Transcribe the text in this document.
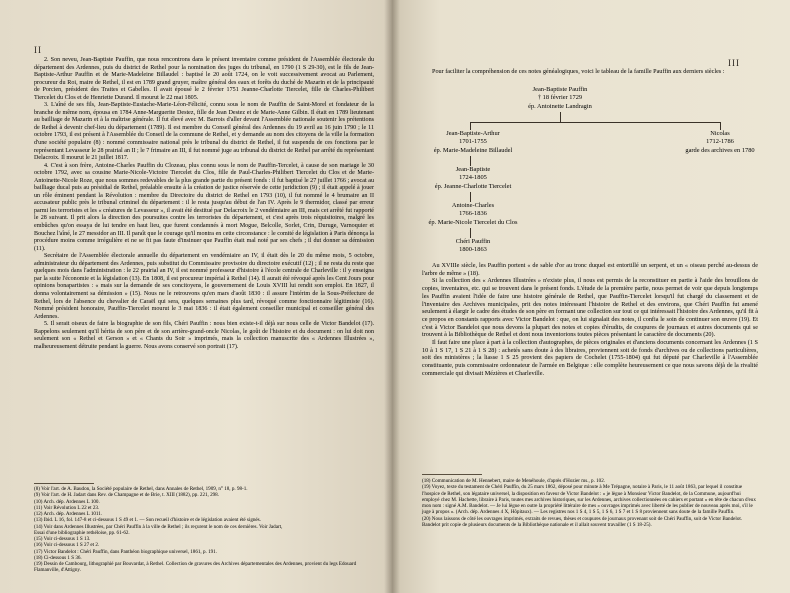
II
III

2. Son neveu, Jean-Baptiste Pauffin, que nous rencontrons dans le présent inventaire comme président de l'Assemblée électorale du département des Ardennes, puis du district de Rethel pour la nomination des juges du tribunal, en 1790 (1 S 29-30), est le fils de Jean-Baptiste-Arthur Pauffin et de Marie-Madeleine Billaudel : baptisé le 20 août 1724, on le voit successivement avocat au Parlement, procureur du Roi, maire de Rethel, il est en 1789 grand gruyer, maître général des eaux et forêts du duché de Mazarin et de la principauté de Porcien, président des Traites et Gabelles. Il avait épousé le 2 février 1751 Jeanne-Charlotte Tiercelet, fille de Charles-Philibert Tiercelet du Clos et de Henriette Durand. Il mourut le 22 mai 1805.

3. L'aîné de ses fils, Jean-Baptiste-Eustache-Marie-Léon-Félicité, connu sous le nom de Pauffin de Saint-Morel et fondateur de la branche de même nom, épousa en 1784 Anne-Marguerite Destez, fille de Jean Destez et de Marie-Anne Gilbin. Il était en 1789 lieutenant au bailliage de Mazarin et à la maîtrise générale. Il fut élevé avec M. Barrois d'aller devant l'Assemblée nationale soutenir les prétentions de Rethel à devenir chef-lieu du département (1789). Il est membre du Conseil général des Ardennes du 19 avril au 16 juin 1790 ; le 11 octobre 1793, il est présent à l'Assemblée du Conseil de la commune de Rethel, et y demande au nom des citoyens de la ville la formation d'une société populaire (8) : nommé commissaire national près le tribunal du district de Rethel, il fut suspendu de ces fonctions par le représentant Levasseur le 28 prairial an II ; le 7 frimaire an III, il fut nommé juge au tribunal du district de Rethel par arrêté du représentant Delacroix. Il mourut le 21 juillet 1817.

4. C'est à son frère, Antoine-Charles Pauffin du Clozeau, plus connu sous le nom de Pauffin-Tercelet, à cause de son mariage le 30 octobre 1792, avec sa cousine Marie-Nicole-Victoire Tiercelet du Clos, fille de Paul-Charles-Philibert Tiercelet du Clos et de Marie-Antoinette-Nicole Roze, que nous sommes redevables de la plus grande partie du présent fonds : il fut baptisé le 27 juillet 1766 ; avocat au bailliage ducal puis au présidial de Rethel, préalable ensuite à la création de justice réservée de cette juridiction (9) ; il était appelé à jouer un rôle éminent pendant la Révolution : membre du Directoire du district de Rethel en 1793 (10), il fut nommé le 4 brumaire an II accusateur public près le tribunal criminel du département : il le resta jusqu'au début de l'an IV. Après le 9 thermidor, classé par erreur parmi les terroristes et les « créatures de Levasseur », il avait été destitué par Delacroix le 2 vendémiaire an III, mais cet arrêté fut rapporté le 28 suivant. Il prit alors la direction des poursuites contre les terroristes du département, et c'est après trois réquisitoires, malgré les embûches qu'on essaya de lui tendre en haut lieu, que furent condamnés à mort Mogue, Belcolle, Sorlet, Crin, Duruge, Varnoquier et Bouchez l'aîné, le 27 messidor an III. Il paraît que le courage qu'il montra en cette circonstance : le comité de législation à Paris dénonça la procédure moins comme irrégulière et ne se fit pas faute d'insinuer que Pauffin était mal noté par ses chefs ; il dut donner sa démission (11).

Secrétaire de l'Assemblée électorale annuelle du département en vendémiaire an IV, il était dès le 20 du même mois, 5 octobre, administrateur du département des Ardennes, puis substitut du Commissaire provisoire du directoire exécutif (12) ; il ne resta du reste que quelques mois dans l'administration : le 22 prairial an IV, il est nommé professeur d'histoire à l'école centrale de Charleville : il y enseigna par la suite l'économie et la législation (13). En 1808, il est procureur impérial à Rethel (14). Il aurait été révoqué après les Cent Jours pour opinions bonapartistes : « mais sur la demande de ses concitoyens, le gouvernement de Louis XVIII lui rendit son emploi. En 1827, il donna volontairement sa démission » (15). Nous ne le retrouvons qu'en mars d'août 1830 : il assure l'intérim de la Sous-Préfecture de Rethel, lors de l'absence du chevalier de Caraël qui sera, quelques semaines plus tard, révoqué comme fonctionnaire légitimiste (16). Nommé président honoraire, Pauffin-Tiercelet mourut le 3 mai 1836 : il était également conseiller municipal et conseiller général des Ardennes.

5. Il serait oiseux de faire la biographie de son fils, Chéri Pauffin : nous bien existe-t-il déjà sur nous celle de Victor Bandelot (17). Rappelons seulement qu'il hérita de son père et de son arrière-grand-oncle Nicolas, le goût de l'histoire et du document : on lui doit non seulement son « Rethel et Gerson » et « Chants du Soir » imprimés, mais la collection manuscrite des « Ardennes Illustrées », malheureusement détruite pendant la guerre. Nous avons conservé son portrait (17).

(8) Voir l'art. de A. Baudon, la Société populaire de Rethel, dans Annales de Rethel, 1909, n° 18, p. 98-1.
(9) Voir l'art. de H. Jadart dans Rev. de Champagne et de Brie, t. XIII (1882), pp. 221, 298.
(10) Arch. dép. Ardennes L 100.
(11) Voir Révolution L 22 et 23.
(12) Arch. dép. Ardennes L 1011.
(13) Ibid. L 16, fol. 147-8 et ci-dessous 1 S 49 et 1. — Son recueil d'histoire et de législation avaient été signés.
(14) Voir dans Ardennes Illustrées, par Chéri Pauffin à la ville de Rethel ; ils reçurent le nom de ces dernières. Voir Jadart,
Essai d'une bibliographie rethéloise, pp. 61-62.
(15) Voir ci-dessous 1 S 13.
(16) Voir ci-dessous 1 S 27 et 2.
(17) Victor Bandelot : Chéri Pauffin, dans Panthéon biographique universel, 1861, p. 191.
(18) Ci-dessous 1 S 36.
(19) Dessin de Cambourg, lithographié par Bouvardat, à Rethel. Collection de gravures des Archives départementales des Ardennes, provient du legs Edouard Flamanville, d'Attigny.

Pour faciliter la compréhension de ces notes généalogiques, voici le tableau de la famille Pauffin aux derniers siècles :

Jean-Baptiste Pauffin
† 18 février 1729
ép. Antoinette Landragin
Jean-Baptiste-Arthur
1701-1755
ép. Marie-Madeleine Billaudel
Nicolas
1712-1786
garde des archives en 1780
Jean-Baptiste
1724-1805
ép. Jeanne-Charlotte Tiercelet
Antoine-Charles
1766-1836
ép. Marie-Nicole Tiercelet du Clos
Chéri Pauffin
1800-1863

Au XVIIIe siècle, les Pauffin portent « de sable d'or au tronc duquel est entortillé un serpent, et un « oiseau perché au-dessus de l'arbre de même » (18).

Si la collection des « Ardennes Illustrées » n'existe plus, il nous est permis de la reconstituer en partie à l'aide des brouillons de copies, inventaires, etc. qui se trouvent dans le présent fonds. L'étude de la première partie, nous permet de voir que depuis longtemps les Pauffin avaient l'idée de faire une histoire générale de Rethel, que Pauffin-Tiercelet lorsqu'il fut chargé du classement et de l'inventaire des Archives municipales, prit des notes intéressant l'histoire de Rethel et des environs, que Chéri Pauffin fut amené seulement à élargir le cadre des études de son père en formant une collection sur tout ce qui intéressait l'histoire des Ardennes, qu'il fit à ce propos en constants rapports avec Victor Bandelot : que, on lui signalait des notes, il confia le soin de continuer son œuvre (19). Et c'est à Victor Bandelot que nous devons la plupart des notes et copies d'érudits, de coupures de journaux et autres documents qui se trouvent à la Bibliothèque de Rethel et dont nous inventorions toutes pièces présentant le caractère de documents (20).

Il faut faire une place à part à la collection d'autographes, de pièces originales et d'anciens documents concernant les Ardennes (1 S 10 à 1 S 17, 1 S 21 à 1 S 28) : achetés sans doute à des libraires, proviennent soit de fonds d'archives ou de collections particulières, soit des ministères ; la liasse 1 S 25 provient des papiers de Cochelet (1755-1804) qui fut député par Charleville à l'Assemblée constituante, puis commissaire ordonnateur de l'armée en Belgique : elle complète heureusement ce que nous savons déjà de la rivalité commerciale qui divisait Mézières et Charleville.

(18) Communication de M. Hennebert, maire de Menéhoule, d'après d'Hozier ms., p. 102.
(19) Voyez, texte du testament de Chéri Pauffin, du 25 mars 1862, déposé pour minute à Me Trépagne, notaire à Paris, le 11 août 1863, par lequel il constitue l'hospice de Rethel, son légataire universel, la disposition en faveur de Victor Bandelot : « je lègue à Monsieur Victor Bandelot, de la Commune, aujourd'hui employé chez M. Hachette, libraire à Paris, toutes mes archives historiques, sur les Ardennes, archives collectionnées en cahiers et portant « en tête de chacun d'eux mon nom : signé A.M. Bandelot. — Je lui lègue en outre la propriété littéraire de mes « ouvrages imprimés avec liberté de les publier de nouveau après moi, s'il le juge à propos ». (Arch. dép. Ardennes 4 X, Hôpitaux). — Les registres nos 1 S 4, 1 S 5, 1 S 6, 1 S 7 et 1 S 8 proviennent sans doute de la famille Pauffin.
(20) Nous laissons de côté les ouvrages imprimés, extraits de revues, thèses et coupures de journaux provenant soit de Chéri Pauffin, soit de Victor Bandelot. Bandelot prit copie de plusieurs documents de la Bibliothèque nationale et il allait souvent travailler (1 S 18-25).
